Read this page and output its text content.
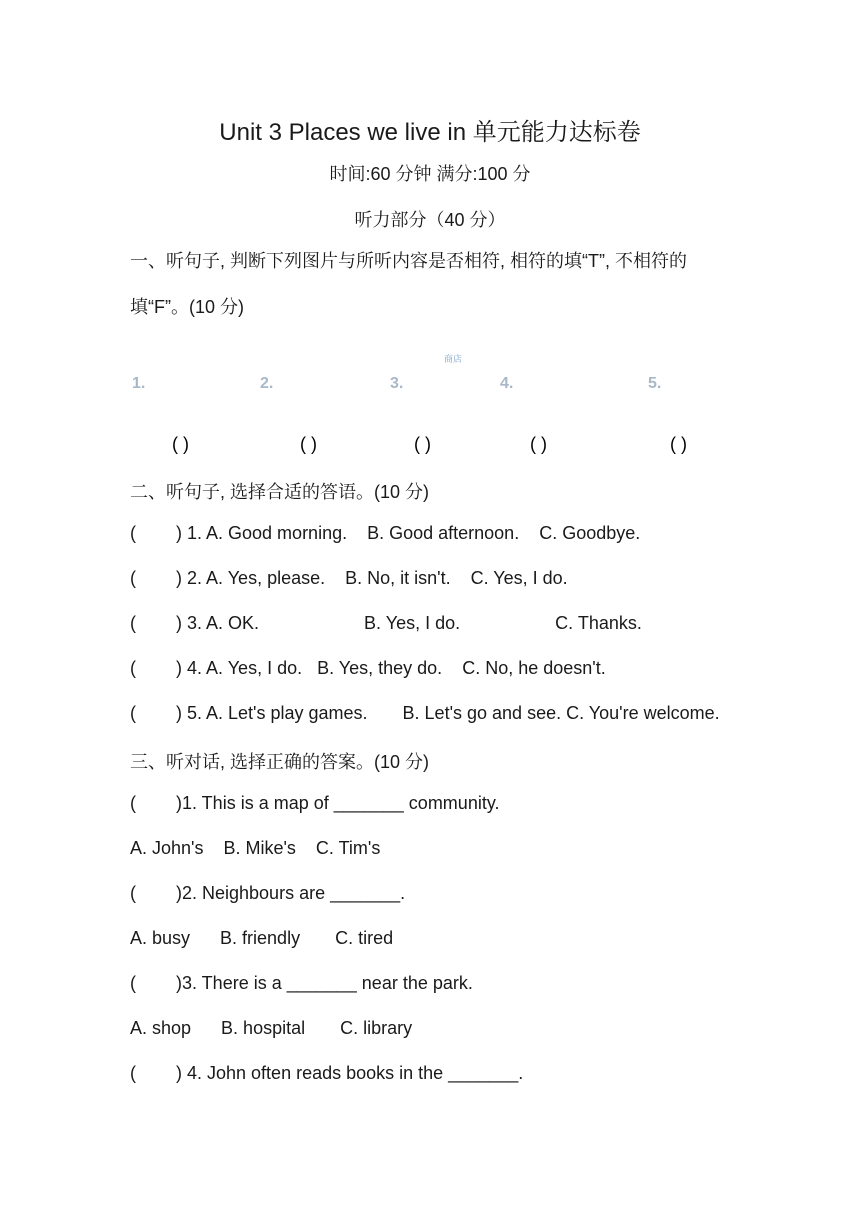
Unit 3 Places we live in 单元能力达标卷
时间:60 分钟 满分:100 分
听力部分（40 分）
一、听句子, 判断下列图片与所听内容是否相符, 相符的填“T”, 不相符的填“F”。(10 分)
1.	2.	3.
商店
4.	5.
( )	( )	( )	( )	( )
二、听句子, 选择合适的答语。(10 分)
(        ) 1. A. Good morning.    B. Good afternoon.    C. Goodbye.
(        ) 2. A. Yes, please.    B. No, it isn't.    C. Yes, I do.
(        ) 3. A. OK.                     B. Yes, I do.                   C. Thanks.
(        ) 4. A. Yes, I do.   B. Yes, they do.    C. No, he doesn't.
(        ) 5. A. Let's play games.       B. Let's go and see. C. You're welcome.
三、听对话, 选择正确的答案。(10 分)
(        )1. This is a map of _______ community.
A. John's    B. Mike's    C. Tim's
(        )2. Neighbours are _______.
A. busy      B. friendly       C. tired
(        )3. There is a _______ near the park.
A. shop      B. hospital       C. library
(        ) 4. John often reads books in the _______.
